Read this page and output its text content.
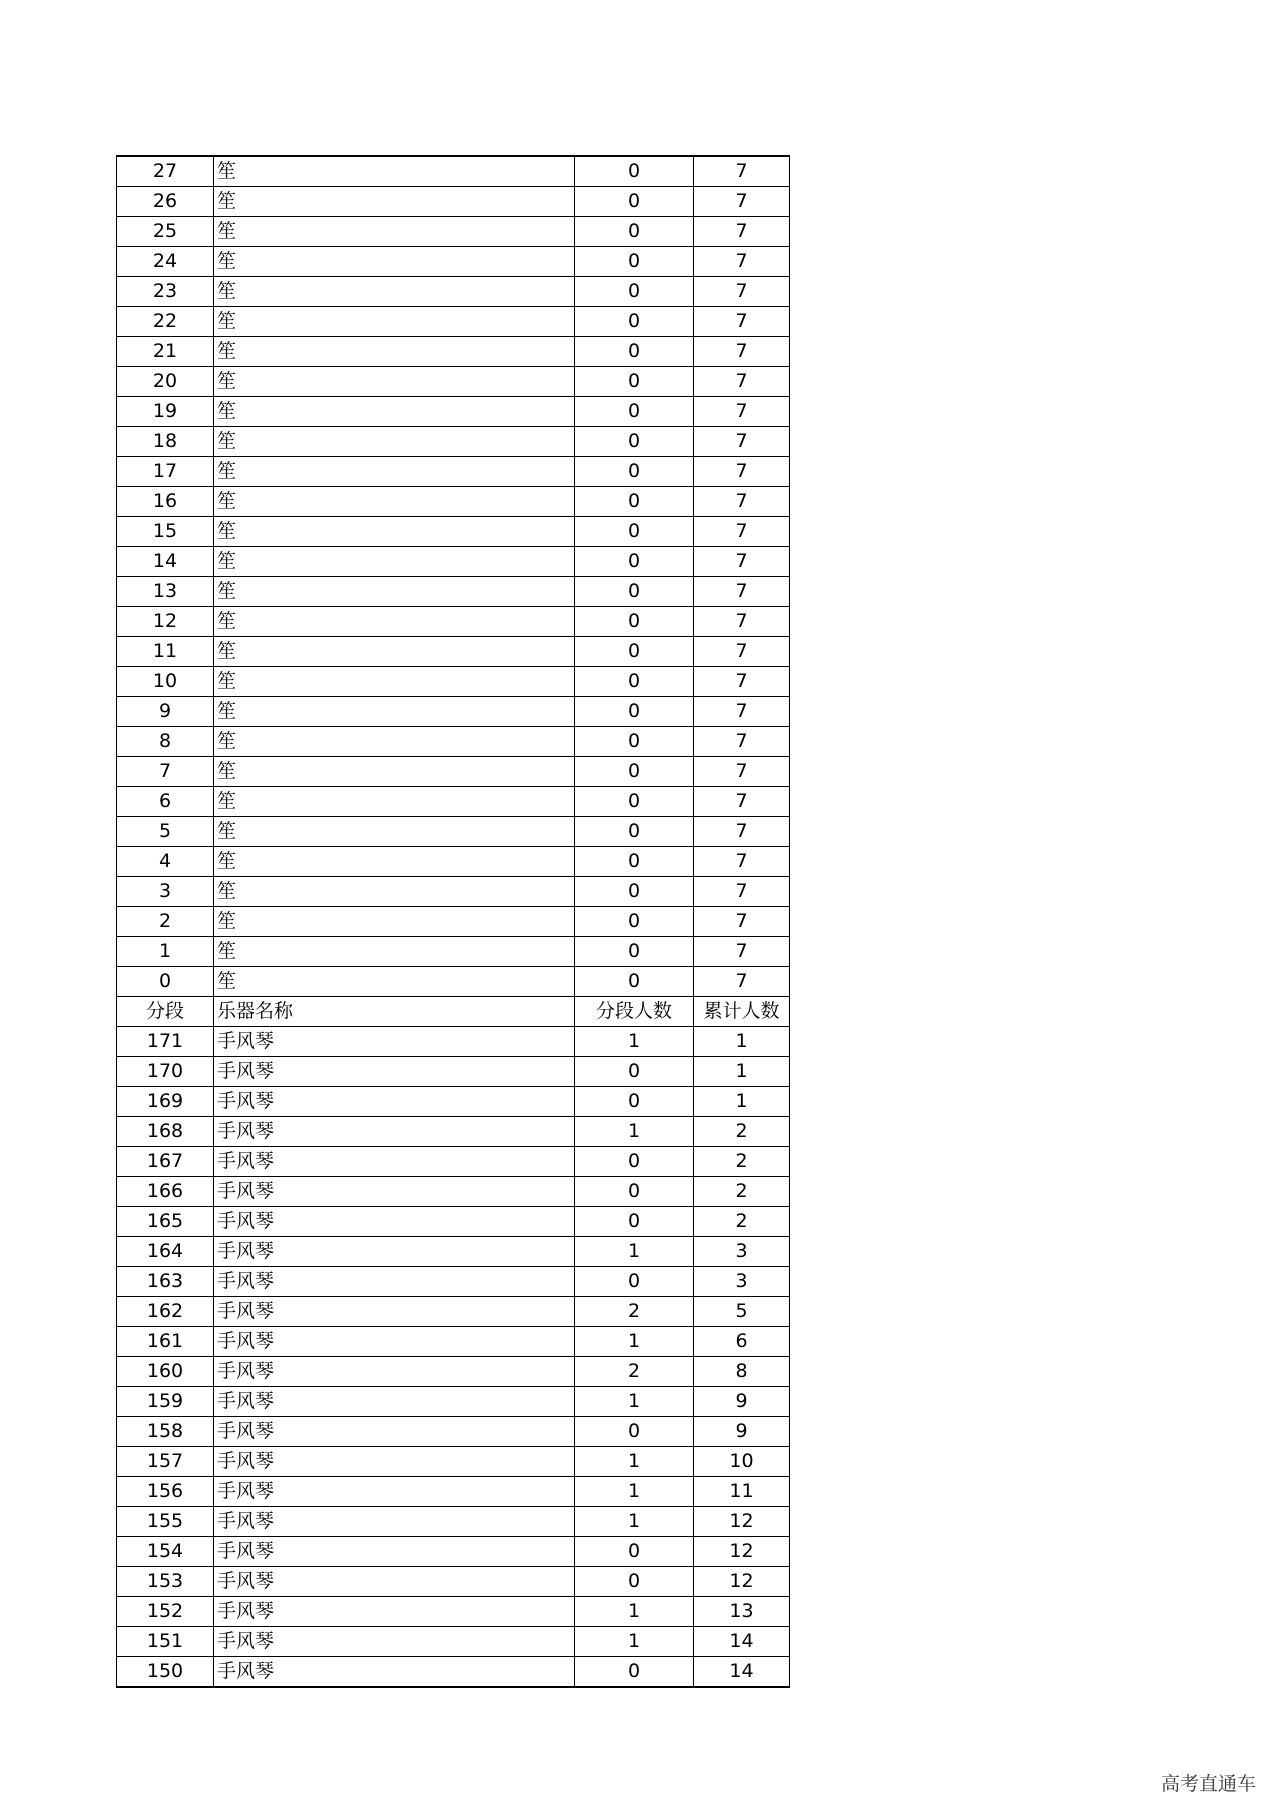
27	笙	0	7
26	笙	0	7
25	笙	0	7
24	笙	0	7
23	笙	0	7
22	笙	0	7
21	笙	0	7
20	笙	0	7
19	笙	0	7
18	笙	0	7
17	笙	0	7
16	笙	0	7
15	笙	0	7
14	笙	0	7
13	笙	0	7
12	笙	0	7
11	笙	0	7
10	笙	0	7
9	笙	0	7
8	笙	0	7
7	笙	0	7
6	笙	0	7
5	笙	0	7
4	笙	0	7
3	笙	0	7
2	笙	0	7
1	笙	0	7
0	笙	0	7
分段	乐器名称	分段人数	累计人数
171	手风琴	1	1
170	手风琴	0	1
169	手风琴	0	1
168	手风琴	1	2
167	手风琴	0	2
166	手风琴	0	2
165	手风琴	0	2
164	手风琴	1	3
163	手风琴	0	3
162	手风琴	2	5
161	手风琴	1	6
160	手风琴	2	8
159	手风琴	1	9
158	手风琴	0	9
157	手风琴	1	10
156	手风琴	1	11
155	手风琴	1	12
154	手风琴	0	12
153	手风琴	0	12
152	手风琴	1	13
151	手风琴	1	14
150	手风琴	0	14
高考直通车
